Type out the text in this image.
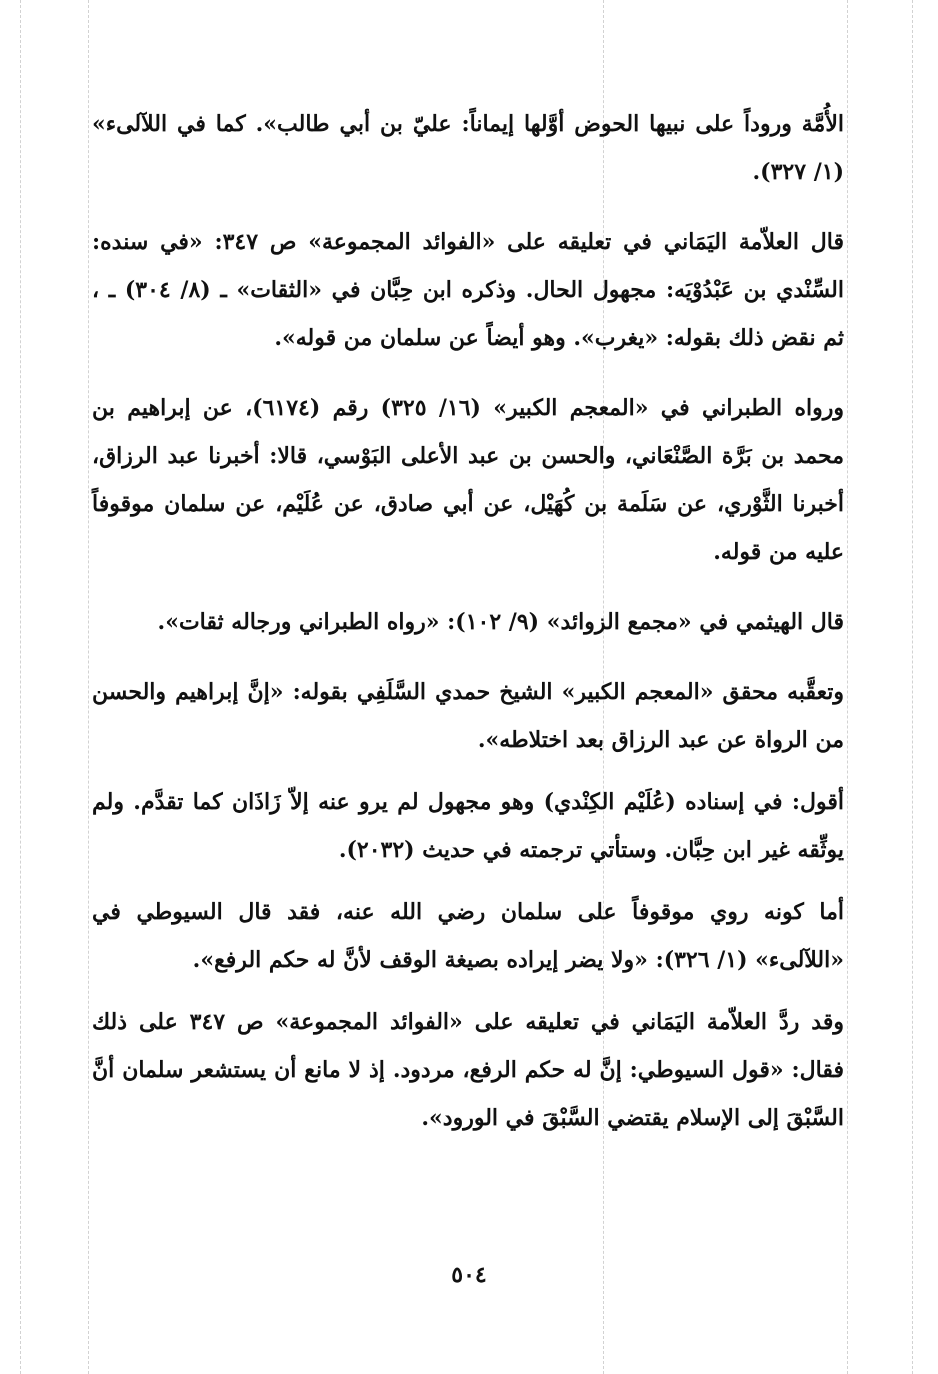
الأُمَّة وروداً على نبيها الحوض أوَّلها إيماناً: عليّ بن أبي طالب». كما في اللآلىء» (١/ ٣٢٧).

قال العلاّمة اليَمَاني في تعليقه على «الفوائد المجموعة» ص ٣٤٧: «في سنده: السِّنْدي بن عَبْدُوْيَه: مجهول الحال. وذكره ابن حِبَّان في «الثقات» ـ (٨/ ٣٠٤) ـ ، ثم نقض ذلك بقوله: «يغرب». وهو أيضاً عن سلمان من قوله».

ورواه الطبراني في «المعجم الكبير» (١٦/ ٣٢٥) رقم (٦١٧٤)، عن إبراهيم بن محمد بن بَرَّة الصَّنْعَاني، والحسن بن عبد الأعلى البَوْسي، قالا: أخبرنا عبد الرزاق، أخبرنا الثَّوْري، عن سَلَمة بن كُهَيْل، عن أبي صادق، عن عُلَيْم، عن سلمان موقوفاً عليه من قوله.

قال الهيثمي في «مجمع الزوائد» (٩/ ١٠٢): «رواه الطبراني ورجاله ثقات».

وتعقَّبه محقق «المعجم الكبير» الشيخ حمدي السَّلَفِي بقوله: «إنَّ إبراهيم والحسن من الرواة عن عبد الرزاق بعد اختلاطه».

أقول: في إسناده (عُلَيْم الكِنْدي) وهو مجهول لم يرو عنه إلاّ زَاذَان كما تقدَّم. ولم يوثِّقه غير ابن حِبَّان. وستأتي ترجمته في حديث (٢٠٣٢).

أما كونه روي موقوفاً على سلمان رضي الله عنه، فقد قال السيوطي في «اللآلىء» (١/ ٣٢٦): «ولا يضر إيراده بصيغة الوقف لأنَّ له حكم الرفع».

وقد ردَّ العلاّمة اليَمَاني في تعليقه على «الفوائد المجموعة» ص ٣٤٧ على ذلك فقال: «قول السيوطي: إنَّ له حكم الرفع، مردود. إذ لا مانع أن يستشعر سلمان أنَّ السَّبْقَ إلى الإسلام يقتضي السَّبْقَ في الورود».

٥٠٤
